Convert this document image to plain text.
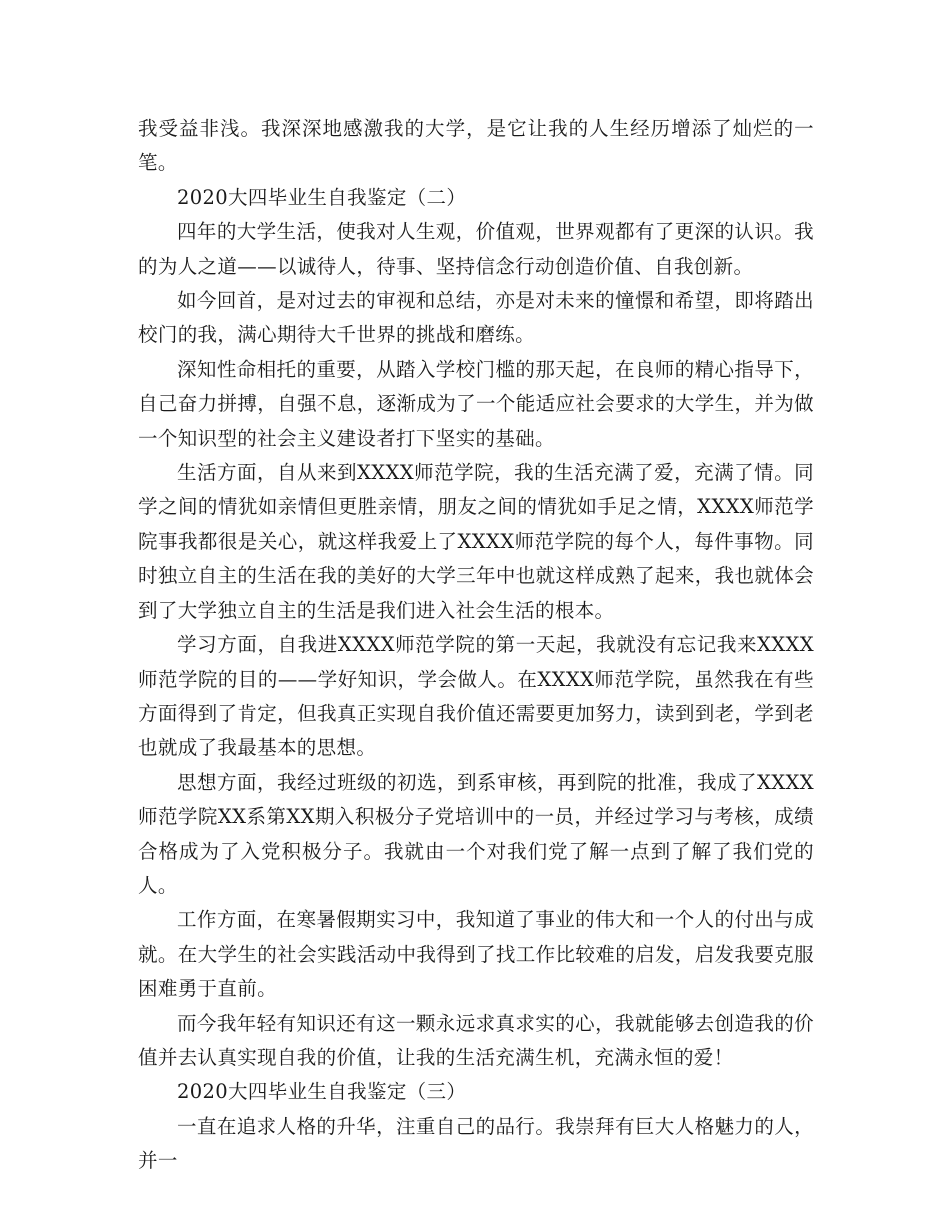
我受益非浅。我深深地感激我的大学，是它让我的人生经历增添了灿烂的一笔。

2020大四毕业生自我鉴定（二）

四年的大学生活，使我对人生观，价值观，世界观都有了更深的认识。我的为人之道——以诚待人，待事、坚持信念行动创造价值、自我创新。

如今回首，是对过去的审视和总结，亦是对未来的憧憬和希望，即将踏出校门的我，满心期待大千世界的挑战和磨练。

深知性命相托的重要，从踏入学校门槛的那天起，在良师的精心指导下，自己奋力拼搏，自强不息，逐渐成为了一个能适应社会要求的大学生，并为做一个知识型的社会主义建设者打下坚实的基础。

生活方面，自从来到XXXX师范学院，我的生活充满了爱，充满了情。同学之间的情犹如亲情但更胜亲情，朋友之间的情犹如手足之情，XXXX师范学院事我都很是关心，就这样我爱上了XXXX师范学院的每个人，每件事物。同时独立自主的生活在我的美好的大学三年中也就这样成熟了起来，我也就体会到了大学独立自主的生活是我们进入社会生活的根本。

学习方面，自我进XXXX师范学院的第一天起，我就没有忘记我来XXXX师范学院的目的——学好知识，学会做人。在XXXX师范学院，虽然我在有些方面得到了肯定，但我真正实现自我价值还需要更加努力，读到到老，学到老也就成了我最基本的思想。

思想方面，我经过班级的初选，到系审核，再到院的批准，我成了XXXX师范学院XX系第XX期入积极分子党培训中的一员，并经过学习与考核，成绩合格成为了入党积极分子。我就由一个对我们党了解一点到了解了我们党的人。

工作方面，在寒暑假期实习中，我知道了事业的伟大和一个人的付出与成就。在大学生的社会实践活动中我得到了找工作比较难的启发，启发我要克服困难勇于直前。

而今我年轻有知识还有这一颗永远求真求实的心，我就能够去创造我的价值并去认真实现自我的价值，让我的生活充满生机，充满永恒的爱！

2020大四毕业生自我鉴定（三）

一直在追求人格的升华，注重自己的品行。我崇拜有巨大人格魅力的人，并一
